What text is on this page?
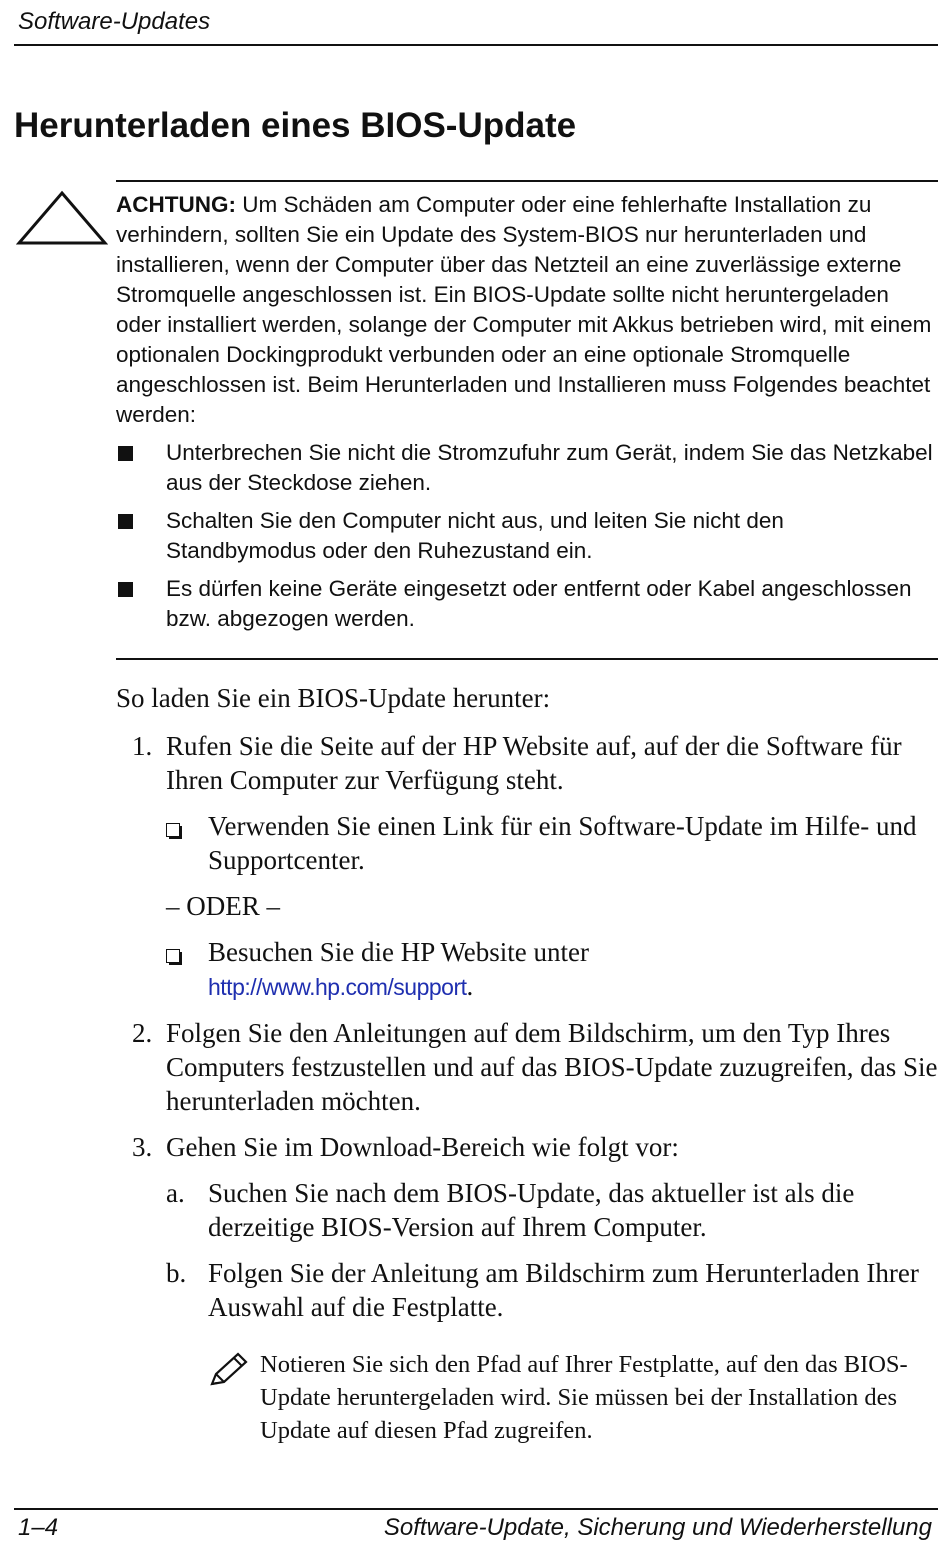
Software-Updates
Herunterladen eines BIOS-Update

ACHTUNG: Um Schäden am Computer oder eine fehlerhafte Installation zu verhindern, sollten Sie ein Update des System-BIOS nur herunterladen und installieren, wenn der Computer über das Netzteil an eine zuverlässige externe Stromquelle angeschlossen ist. Ein BIOS-Update sollte nicht heruntergeladen oder installiert werden, solange der Computer mit Akkus betrieben wird, mit einem optionalen Dockingprodukt verbunden oder an eine optionale Stromquelle angeschlossen ist. Beim Herunterladen und Installieren muss Folgendes beachtet werden:

Unterbrechen Sie nicht die Stromzufuhr zum Gerät, indem Sie das Netzkabel aus der Steckdose ziehen.
Schalten Sie den Computer nicht aus, und leiten Sie nicht den Standbymodus oder den Ruhezustand ein.
Es dürfen keine Geräte eingesetzt oder entfernt oder Kabel angeschlossen bzw. abgezogen werden.
So laden Sie ein BIOS-Update herunter:
1. Rufen Sie die Seite auf der HP Website auf, auf der die Software für Ihren Computer zur Verfügung steht.
Verwenden Sie einen Link für ein Software-Update im Hilfe- und Supportcenter.
– ODER –
Besuchen Sie die HP Website unter
http://www.hp.com/support.
2. Folgen Sie den Anleitungen auf dem Bildschirm, um den Typ Ihres Computers festzustellen und auf das BIOS-Update zuzugreifen, das Sie herunterladen möchten.
3. Gehen Sie im Download-Bereich wie folgt vor:
a. Suchen Sie nach dem BIOS-Update, das aktueller ist als die derzeitige BIOS-Version auf Ihrem Computer.
b. Folgen Sie der Anleitung am Bildschirm zum Herunterladen Ihrer Auswahl auf die Festplatte.
Notieren Sie sich den Pfad auf Ihrer Festplatte, auf den das BIOS-Update heruntergeladen wird. Sie müssen bei der Installation des Update auf diesen Pfad zugreifen.
1–4	Software-Update, Sicherung und Wiederherstellung
